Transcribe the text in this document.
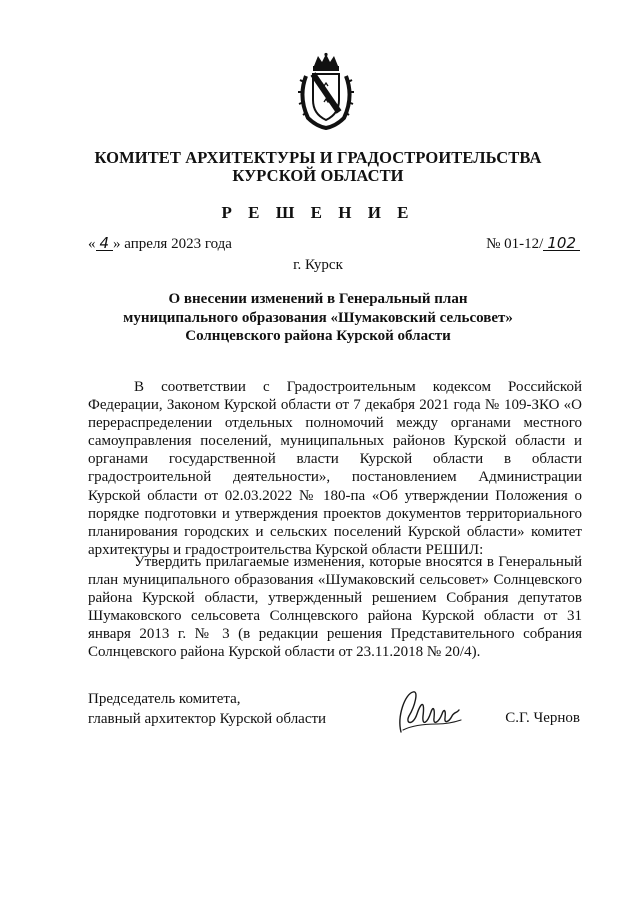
КОМИТЕТ АРХИТЕКТУРЫ И ГРАДОСТРОИТЕЛЬСТВА
КУРСКОЙ ОБЛАСТИ
Р Е Ш Е Н И Е
« 4 » апреля 2023 года	№ 01-12/ 102
г. Курск
О внесении изменений в Генеральный план
муниципального образования «Шумаковский сельсовет»
Солнцевского района Курской области
В соответствии с Градостроительным кодексом Российской Федерации, Законом Курской области от 7 декабря 2021 года № 109-ЗКО «О перераспределении отдельных полномочий между органами местного самоуправления поселений, муниципальных районов Курской области и органами государственной власти Курской области в области градостроительной деятельности», постановлением Администрации Курской области от 02.03.2022 № 180-па «Об утверждении Положения о порядке подготовки и утверждения проектов документов территориального планирования городских и сельских поселений Курской области» комитет архитектуры и градостроительства Курской области РЕШИЛ:
Утвердить прилагаемые изменения, которые вносятся в Генеральный план муниципального образования «Шумаковский сельсовет» Солнцевского района Курской области, утвержденный решением Собрания депутатов Шумаковского сельсовета Солнцевского района Курской области от 31 января 2013 г. № 3 (в редакции решения Представительного собрания Солнцевского района Курской области от 23.11.2018 № 20/4).
Председатель комитета,
главный архитектор Курской области	С.Г. Чернов
